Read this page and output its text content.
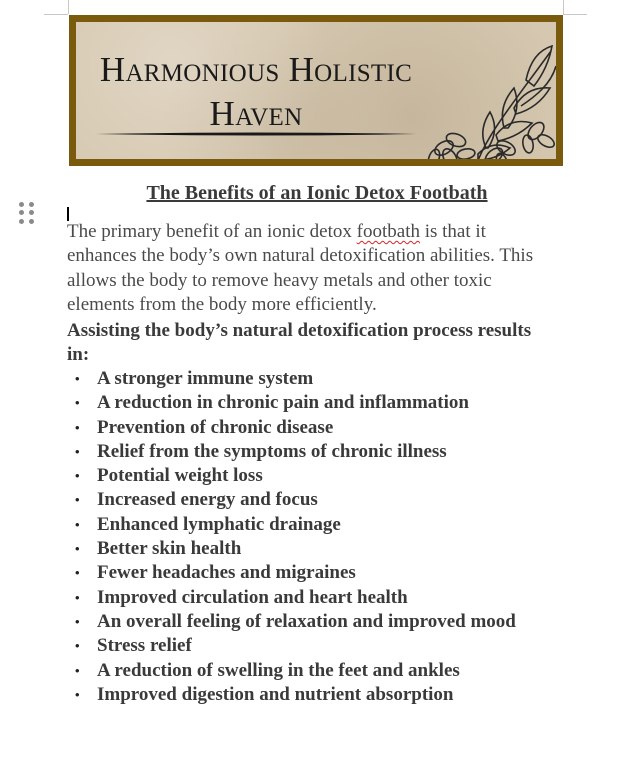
Harmonious Holistic
Haven
The Benefits of an Ionic Detox Footbath

The primary benefit of an ionic detox footbath is that it enhances the body’s own natural detoxification abilities. This allows the body to remove heavy metals and other toxic elements from the body more efficiently.

Assisting the body’s natural detoxification process results in:

• A stronger immune system
• A reduction in chronic pain and inflammation
• Prevention of chronic disease
• Relief from the symptoms of chronic illness
• Potential weight loss
• Increased energy and focus
• Enhanced lymphatic drainage
• Better skin health
• Fewer headaches and migraines
• Improved circulation and heart health
• An overall feeling of relaxation and improved mood
• Stress relief
• A reduction of swelling in the feet and ankles
• Improved digestion and nutrient absorption
